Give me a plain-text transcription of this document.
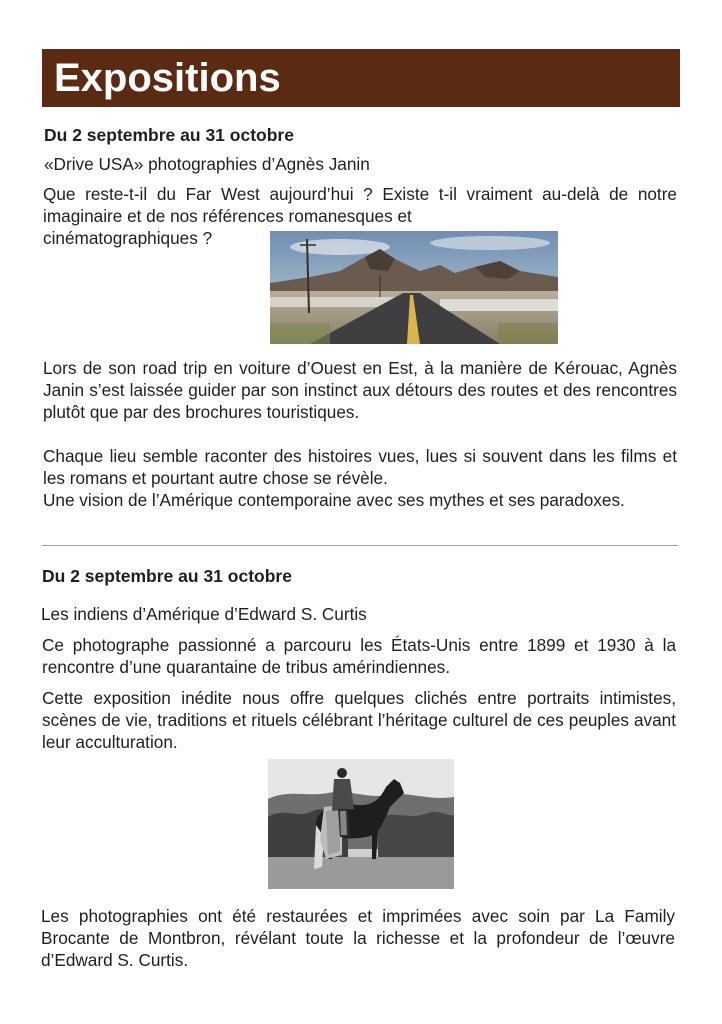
Expositions

Du 2 septembre au 31 octobre

«Drive USA» photographies d’Agnès Janin

Que reste-t-il du Far West aujourd’hui ? Existe t-il vraiment au-delà de notre imaginaire et de nos références romanesques et

cinématographiques ?

Lors de son road trip en voiture d’Ouest en Est, à la manière de Kérouac, Agnès Janin s’est laissée guider par son instinct aux détours des routes et des rencontres plutôt que par des brochures touristiques.

Chaque lieu semble raconter des histoires vues, lues si souvent dans les films et les romans et pourtant autre chose se révèle.

Une vision de l’Amérique contemporaine avec ses mythes et ses paradoxes.

Du 2 septembre au 31 octobre

Les indiens d’Amérique d’Edward S. Curtis

Ce photographe passionné a parcouru les États-Unis entre 1899 et 1930 à la rencontre d’une quarantaine de tribus amérindiennes.

Cette exposition inédite nous offre quelques clichés entre portraits intimistes, scènes de vie, traditions et rituels célébrant l’héritage culturel de ces peuples avant leur acculturation.

Les photographies ont été restaurées et imprimées avec soin par La Family Brocante de Montbron, révélant toute la richesse et la profondeur de l’œuvre d’Edward S. Curtis.
